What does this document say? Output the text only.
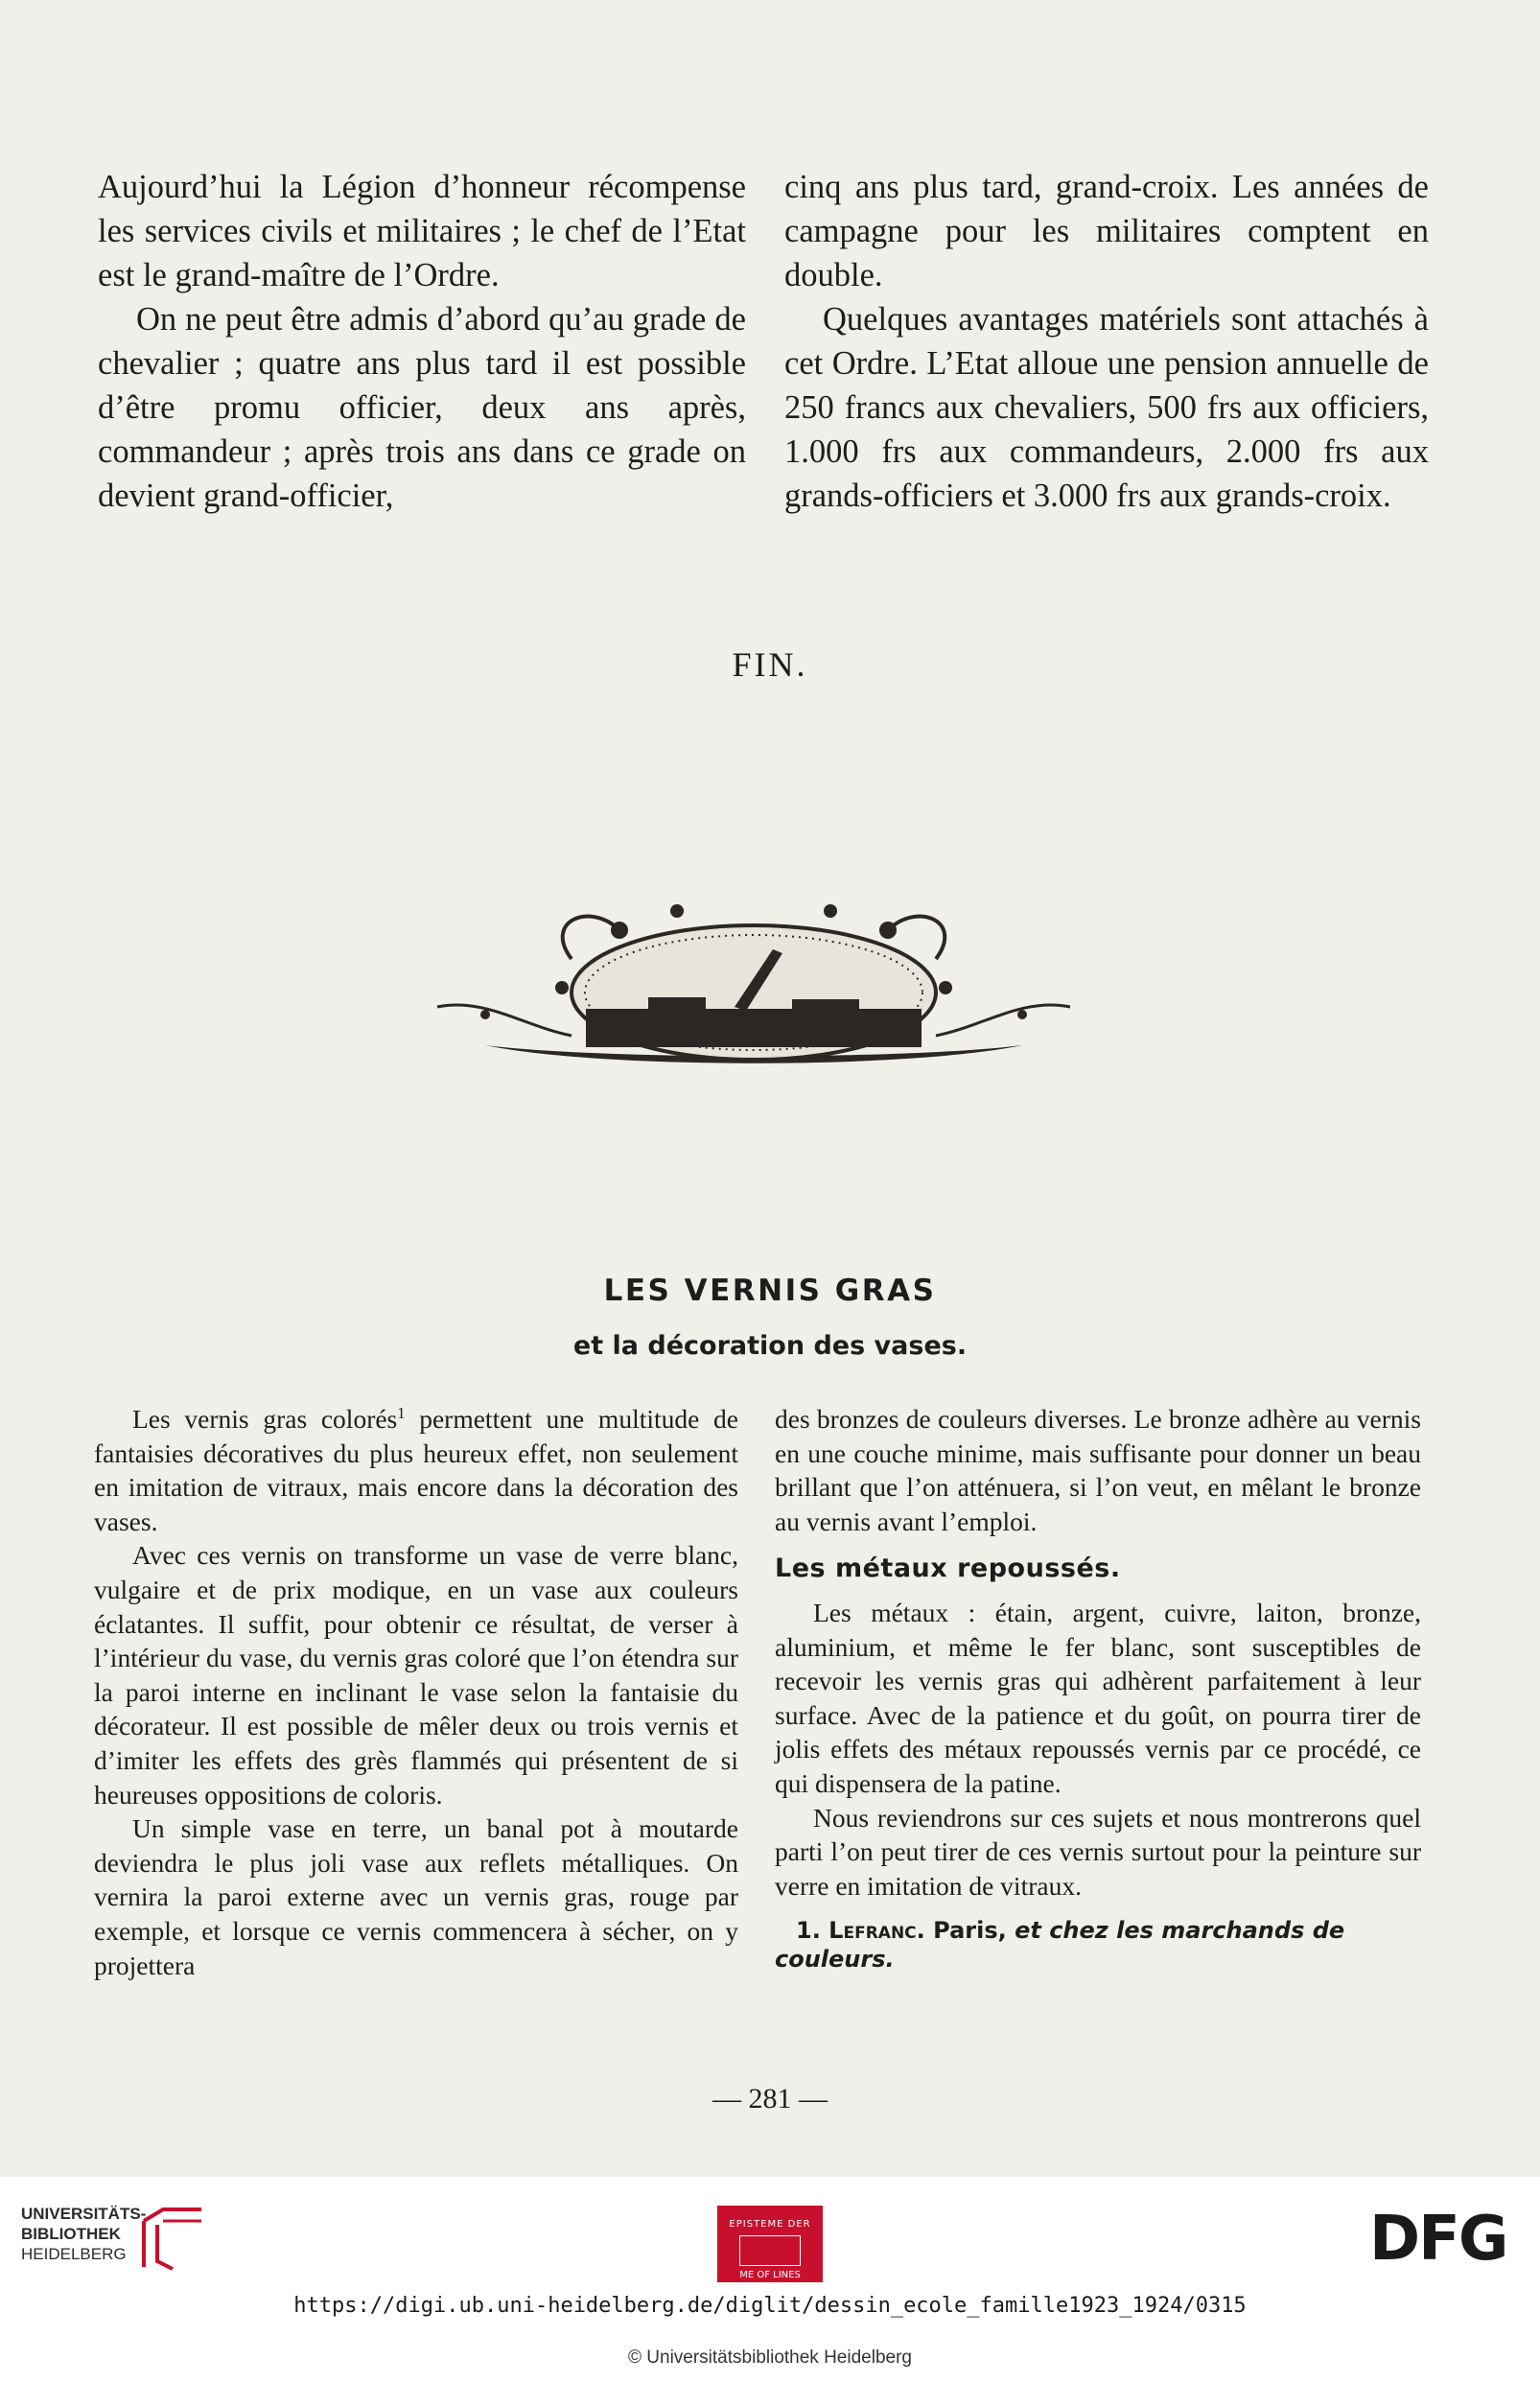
Aujourd’hui la Légion d’honneur récompense les services civils et militaires ; le chef de l’Etat est le grand-maître de l’Ordre.

On ne peut être admis d’abord qu’au grade de chevalier ; quatre ans plus tard il est possible d’être promu officier, deux ans après, commandeur ; après trois ans dans ce grade on devient grand-officier,

cinq ans plus tard, grand-croix. Les années de campagne pour les militaires comptent en double.

Quelques avantages matériels sont attachés à cet Ordre. L’Etat alloue une pension annuelle de 250 francs aux chevaliers, 500 frs aux officiers, 1.000 frs aux commandeurs, 2.000 frs aux grands-officiers et 3.000 frs aux grands-croix.

FIN.
LES VERNIS GRAS
et la décoration des vases.

Les vernis gras colorés$^1$ permettent une multitude de fantaisies décoratives du plus heureux effet, non seulement en imitation de vitraux, mais encore dans la décoration des vases.

Avec ces vernis on transforme un vase de verre blanc, vulgaire et de prix modique, en un vase aux couleurs éclatantes. Il suffit, pour obtenir ce résultat, de verser à l’intérieur du vase, du vernis gras coloré que l’on étendra sur la paroi interne en inclinant le vase selon la fantaisie du décorateur. Il est possible de mêler deux ou trois vernis et d’imiter les effets des grès flammés qui présentent de si heureuses oppositions de coloris.

Un simple vase en terre, un banal pot à moutarde deviendra le plus joli vase aux reflets métalliques. On vernira la paroi externe avec un vernis gras, rouge par exemple, et lorsque ce vernis commencera à sécher, on y projettera

des bronzes de couleurs diverses. Le bronze adhère au vernis en une couche minime, mais suffisante pour donner un beau brillant que l’on atténuera, si l’on veut, en mêlant le bronze au vernis avant l’emploi.

Les métaux repoussés.

Les métaux : étain, argent, cuivre, laiton, bronze, aluminium, et même le fer blanc, sont susceptibles de recevoir les vernis gras qui adhèrent parfaitement à leur surface. Avec de la patience et du goût, on pourra tirer de jolis effets des métaux repoussés vernis par ce procédé, ce qui dispensera de la patine.

Nous reviendrons sur ces sujets et nous montrerons quel parti l’on peut tirer de ces vernis surtout pour la peinture sur verre en imitation de vitraux.

1. Lefranc. Paris, et chez les marchands de couleurs.

— 281 —
UNIVERSITÄTS-
BIBLIOTHEK
HEIDELBERG
EPISTEME DER
ME OF LINES
DFG
https://digi.ub.uni-heidelberg.de/diglit/dessin_ecole_famille1923_1924/0315
© Universitätsbibliothek Heidelberg
